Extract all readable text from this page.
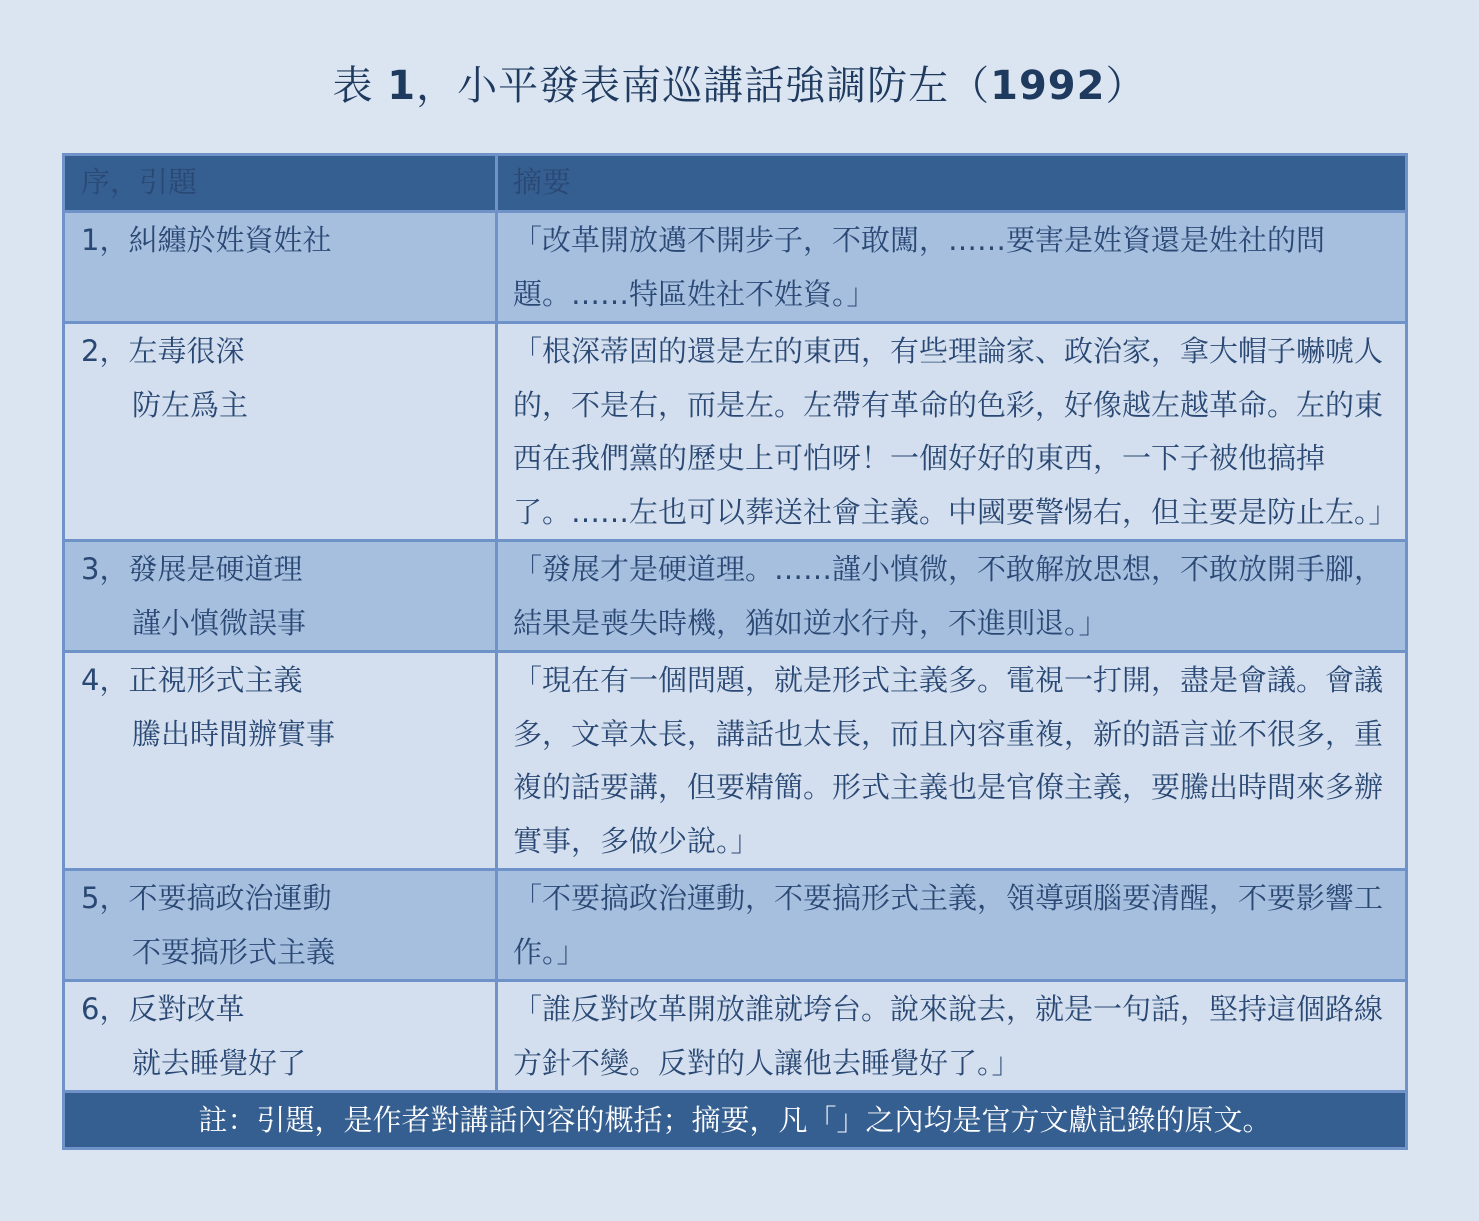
表 1，小平發表南巡講話強調防左（1992）
序，引題	摘要

1，糾纏於姓資姓社	「改革開放邁不開步子，不敢闖，……要害是姓資還是姓社的問題。……特區姓社不姓資。」

2，左毒很深
防左爲主	「根深蒂固的還是左的東西，有些理論家、政治家，拿大帽子嚇唬人的，不是右，而是左。左帶有革命的色彩，好像越左越革命。左的東西在我們黨的歷史上可怕呀！一個好好的東西，一下子被他搞掉了。……左也可以葬送社會主義。中國要警惕右，但主要是防止左。」

3，發展是硬道理
謹小慎微誤事	「發展才是硬道理。……謹小慎微，不敢解放思想，不敢放開手腳，結果是喪失時機，猶如逆水行舟，不進則退。」

4，正視形式主義
騰出時間辦實事	「現在有一個問題，就是形式主義多。電視一打開，盡是會議。會議多，文章太長，講話也太長，而且內容重複，新的語言並不很多，重複的話要講，但要精簡。形式主義也是官僚主義，要騰出時間來多辦實事，多做少說。」

5，不要搞政治運動
不要搞形式主義	「不要搞政治運動，不要搞形式主義，領導頭腦要清醒，不要影響工作。」

6，反對改革
就去睡覺好了	「誰反對改革開放誰就垮台。說來說去，就是一句話，堅持這個路線方針不變。反對的人讓他去睡覺好了。」
註：引題，是作者對講話內容的概括；摘要，凡「」之內均是官方文獻記錄的原文。	
